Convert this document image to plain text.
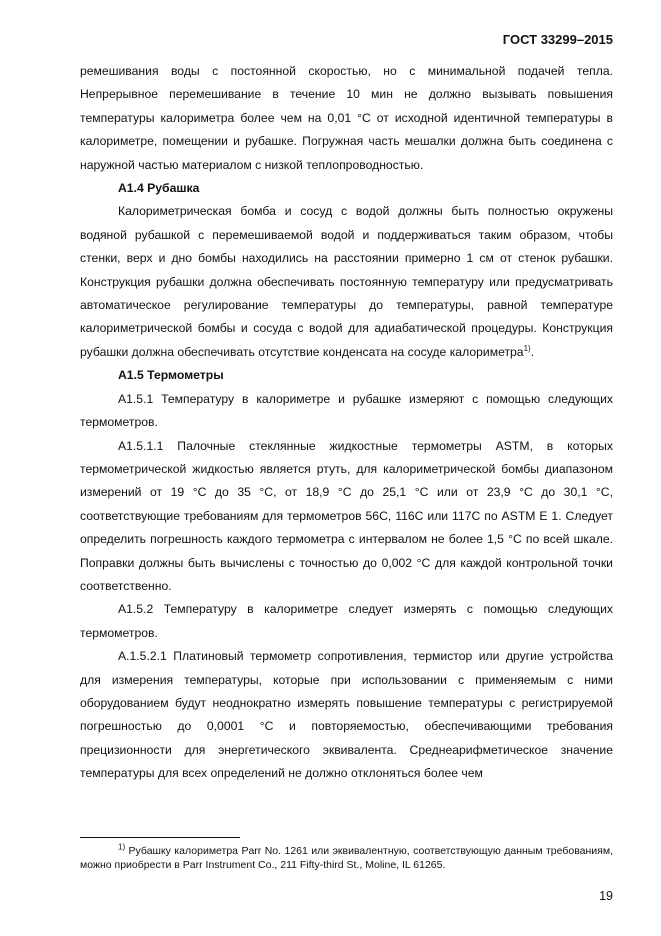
ГОСТ 33299–2015

ремешивания воды с постоянной скоростью, но с минимальной подачей тепла. Непрерывное перемешивание в течение 10 мин не должно вызывать повышения температуры калориметра более чем на 0,01 °С от исходной идентичной температуры в калориметре, помещении и рубашке. Погружная часть мешалки должна быть соединена с наружной частью материалом с низкой теплопроводностью.

А1.4 Рубашка

Калориметрическая бомба и сосуд с водой должны быть полностью окружены водяной рубашкой с перемешиваемой водой и поддерживаться таким образом, чтобы стенки, верх и дно бомбы находились на расстоянии примерно 1 см от стенок рубашки. Конструкция рубашки должна обеспечивать постоянную температуру или предусматривать автоматическое регулирование температуры до температуры, равной температуре калориметрической бомбы и сосуда с водой для адиабатической процедуры. Конструкция рубашки должна обеспечивать отсутствие конденсата на сосуде калориметра$^{1)}$.

А1.5 Термометры

А1.5.1 Температуру в калориметре и рубашке измеряют с помощью следующих термометров.

А1.5.1.1 Палочные стеклянные жидкостные термометры ASTM, в которых термометрической жидкостью является ртуть, для калориметрической бомбы диапазоном измерений от 19 °С до 35 °С, от 18,9 °С до 25,1 °С или от 23,9 °С до 30,1 °С, соответствующие требованиям для термометров 56С, 116С или 117С по ASTM E 1. Следует определить погрешность каждого термометра с интервалом не более 1,5 °С по всей шкале. Поправки должны быть вычислены с точностью до 0,002 °С для каждой контрольной точки соответственно.

А1.5.2 Температуру в калориметре следует измерять с помощью следующих термометров.

А.1.5.2.1 Платиновый термометр сопротивления, термистор или другие устройства для измерения температуры, которые при использовании с применяемым с ними оборудованием будут неоднократно измерять повышение температуры с регистрируемой погрешностью до 0,0001 °С и повторяемостью, обеспечивающими требования прецизионности для энергетического эквивалента. Среднеарифметическое значение температуры для всех определений не должно отклоняться более чем

$^{1)}$ Рубашку калориметра Parr No. 1261 или эквивалентную, соответствующую данным требованиям, можно приобрести в Parr Instrument Co., 211 Fifty-third St., Moline, IL 61265.

19
